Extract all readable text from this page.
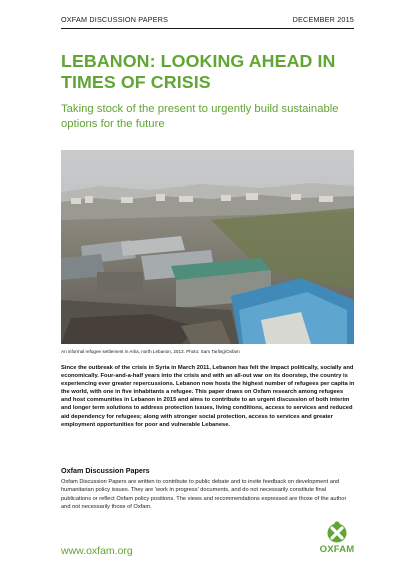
OXFAM DISCUSSION PAPERS	DECEMBER 2015
LEBANON: LOOKING AHEAD IN TIMES OF CRISIS

Taking stock of the present to urgently build sustainable options for the future

An informal refugee settlement in Arlia, north Lebanon, 2013. Photo: Sam Tarling/Oxfam

Since the outbreak of the crisis in Syria in March 2011, Lebanon has felt the impact politically, socially and economically. Four-and-a-half years into the crisis and with an all-out war on its doorstep, the country is experiencing ever greater repercussions. Lebanon now hosts the highest number of refugees per capita in the world, with one in five inhabitants a refugee. This paper draws on Oxfam research among refugees and host communities in Lebanon in 2015 and aims to contribute to an urgent discussion of both interim and longer term solutions to address protection issues, living conditions, access to services and reduced aid dependency for refugees; along with stronger social protection, access to services and greater employment opportunities for poor and vulnerable Lebanese.

Oxfam Discussion Papers

Oxfam Discussion Papers are written to contribute to public debate and to invite feedback on development and humanitarian policy issues. They are 'work in progress' documents, and do not necessarily constitute final publications or reflect Oxfam policy positions. The views and recommendations expressed are those of the author and not necessarily those of Oxfam.

www.oxfam.org	OXFAM
